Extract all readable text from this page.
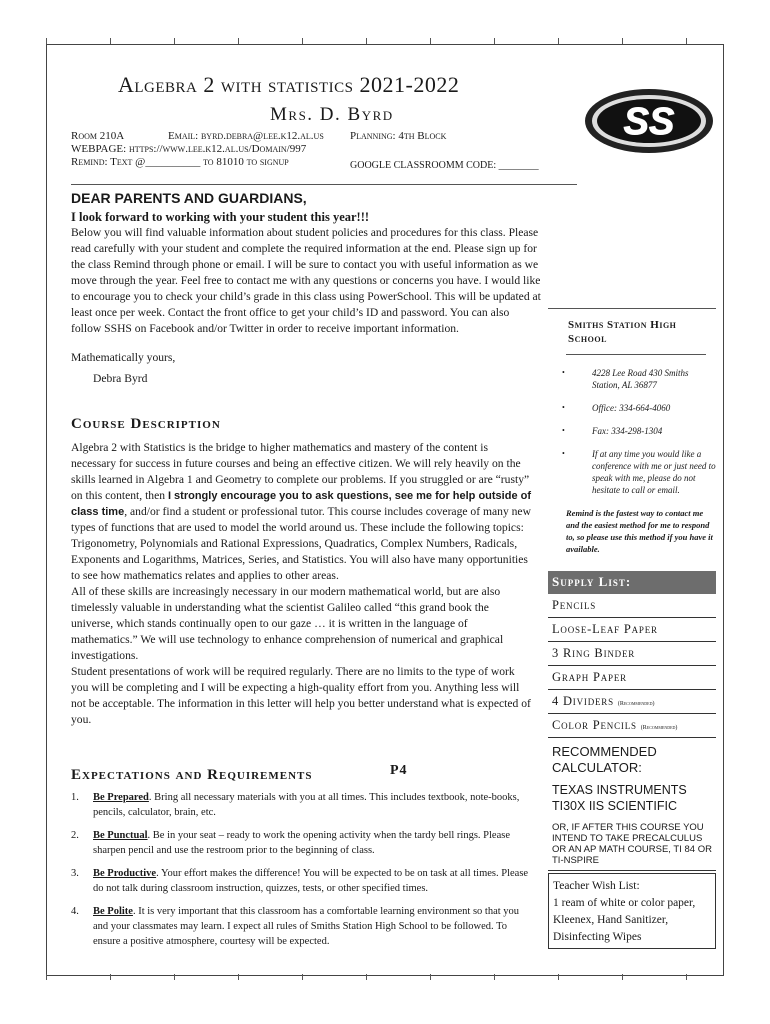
Algebra 2 with statistics 2021-2022
Mrs. D. Byrd	SS
Room 210A	Email: byrd.debra@lee.k12.al.us Planning: 4th Block
WEBPAGE: https://www.lee.k12.al.us/Domain/997
Remind: Text @__________ to 81010 to signup	GOOGLE CLASSROOMM CODE: ________

DEAR PARENTS AND GUARDIANS,

I look forward to working with your student this year!!!

Below you will find valuable information about student policies and procedures for this class. Please read carefully with your student and complete the required information at the end. Please sign up for the class Remind through phone or email. I will be sure to contact you with useful information as we move through the year. Feel free to contact me with any questions or concerns you have. I would like to encourage you to check your child’s grade in this class using PowerSchool. This will be updated at least once per week. Contact the front office to get your child’s ID and password. You can also follow SSHS on Facebook and/or Twitter in order to receive important information.

Mathematically yours,

Debra Byrd

Course Description

Algebra 2 with Statistics is the bridge to higher mathematics and mastery of the content is necessary for success in future courses and being an effective citizen. We will rely heavily on the skills learned in Algebra 1 and Geometry to complete our problems. If you struggled or are “rusty” on this content, then I strongly encourage you to ask questions, see me for help outside of class time, and/or find a student or professional tutor. This course includes coverage of many new types of functions that are used to model the world around us. These include the following topics: Trigonometry, Polynomials and Rational Expressions, Quadratics, Complex Numbers, Radicals, Exponents and Logarithms, Matrices, Series, and Statistics. You will also have many opportunities to see how mathematics relates and applies to other areas.

All of these skills are increasingly necessary in our modern mathematical world, but are also timelessly valuable in understanding what the scientist Galileo called “this grand book the universe, which stands continually open to our gaze … it is written in the language of mathematics.” We will use technology to enhance comprehension of numerical and graphical investigations.

Student presentations of work will be required regularly. There are no limits to the type of work you will be completing and I will be expecting a high-quality effort from you. Anything less will not be acceptable. The information in this letter will help you better understand what is expected of you.

Expectations and Requirements	P4
1.	Be Prepared. Bring all necessary materials with you at all times. This includes textbook, note-books, pencils, calculator, brain, etc.
2.	Be Punctual. Be in your seat – ready to work the opening activity when the tardy bell rings. Please sharpen pencil and use the restroom prior to the beginning of class.
3.	Be Productive. Your effort makes the difference! You will be expected to be on task at all times. Please do not talk during classroom instruction, quizzes, tests, or other specified times.
4.	Be Polite. It is very important that this classroom has a comfortable learning environment so that you and your classmates may learn. I expect all rules of Smiths Station High School to be followed. To ensure a positive atmosphere, courtesy will be expected.
Smiths Station High School
•	4228 Lee Road 430 Smiths Station, AL 36877
•	Office: 334-664-4060
•	Fax: 334-298-1304
•	If at any time you would like a conference with me or just need to speak with me, please do not hesitate to call or email.

Remind is the fastest way to contact me and the easiest method for me to respond to, so please use this method if you have it available.

Supply List:
Pencils
Loose-Leaf Paper
3 Ring Binder
Graph Paper
4 Dividers (Recommended)
Color Pencils (Recommended)
RECOMMENDED CALCULATOR:
TEXAS INSTRUMENTS TI30X IIS SCIENTIFIC
OR, IF AFTER THIS COURSE YOU INTEND TO TAKE PRECALCULUS OR AN AP MATH COURSE, TI 84 OR TI-NSPIRE
Teacher Wish List:
1 ream of white or color paper, Kleenex, Hand Sanitizer, Disinfecting Wipes
